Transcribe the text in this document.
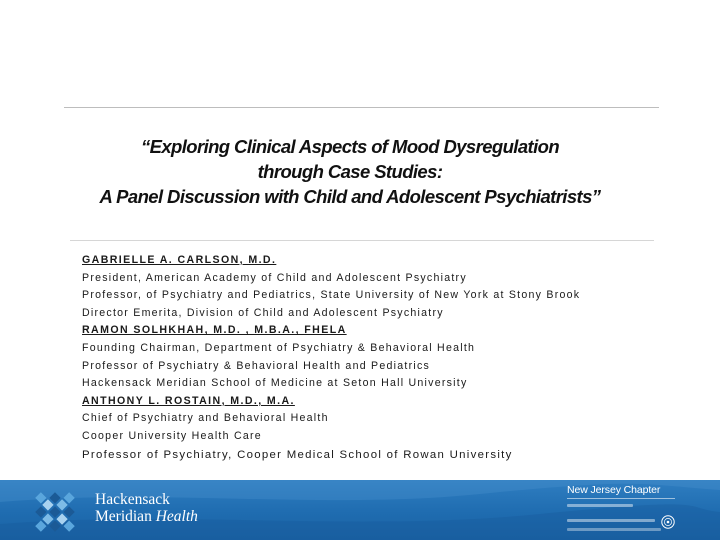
“Exploring Clinical Aspects of Mood Dysregulation
through Case Studies:
A Panel Discussion with Child and Adolescent Psychiatrists”
GABRIELLE A. CARLSON, M.D.
President, American Academy of Child and Adolescent Psychiatry
Professor, of Psychiatry and Pediatrics, State University of New York at Stony Brook
Director Emerita, Division of Child and Adolescent Psychiatry
RAMON SOLHKHAH, M.D. , M.B.A., FHELA
Founding Chairman, Department of Psychiatry & Behavioral Health
Professor of Psychiatry & Behavioral Health and Pediatrics
Hackensack Meridian School of Medicine at Seton Hall University
ANTHONY L. ROSTAIN, M.D., M.A.
Chief of Psychiatry and Behavioral Health
Cooper University Health Care
Professor of Psychiatry, Cooper Medical School of Rowan University
Hackensack
Meridian Health
New Jersey Chapter
